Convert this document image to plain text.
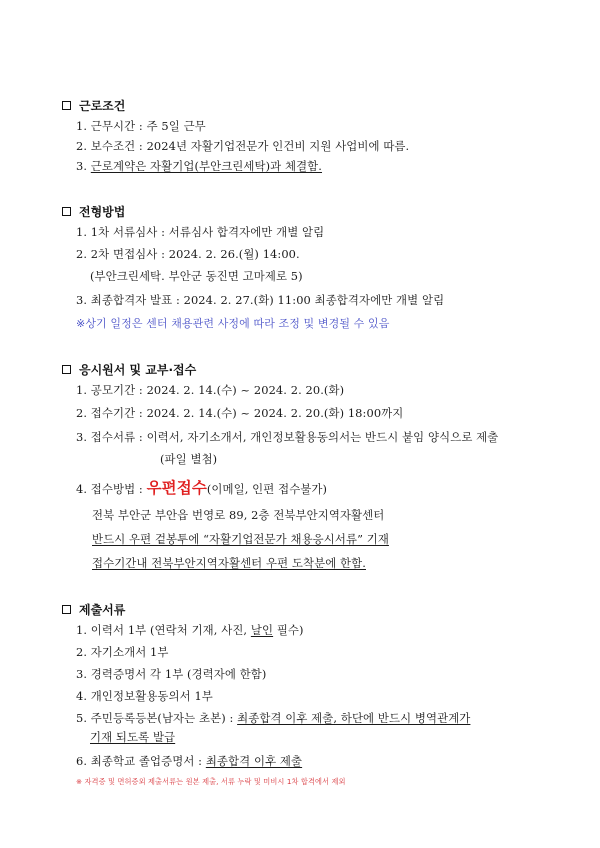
근로조건
1. 근무시간 : 주 5일 근무
2. 보수조건 : 2024년 자활기업전문가 인건비 지원 사업비에 따름.
3. 근로계약은 자활기업(부안크린세탁)과 체결함.
전형방법
1. 1차 서류심사 : 서류심사 합격자에만 개별 알림
2. 2차 면접심사 : 2024. 2. 26.(월) 14:00.
(부안크린세탁. 부안군 동진면 고마제로 5)
3. 최종합격자 발표 : 2024. 2. 27.(화) 11:00 최종합격자에만 개별 알림
※상기 일정은 센터 채용관련 사정에 따라 조정 및 변경될 수 있음
응시원서 및 교부·접수
1. 공모기간 : 2024. 2. 14.(수) ~ 2024. 2. 20.(화)
2. 접수기간 : 2024. 2. 14.(수) ~ 2024. 2. 20.(화) 18:00까지
3. 접수서류 : 이력서, 자기소개서, 개인정보활용동의서는 반드시 붙임 양식으로 제출
(파일 별첨)
4. 접수방법 : 우편접수(이메일, 인편 접수불가)
전북 부안군 부안읍 번영로 89, 2층 전북부안지역자활센터
반드시 우편 겉봉투에 “자활기업전문가 채용응시서류” 기재
접수기간내 전북부안지역자활센터 우편 도착분에 한함.
제출서류
1. 이력서 1부 (연락처 기재, 사진, 날인 필수)
2. 자기소개서 1부
3. 경력증명서 각 1부 (경력자에 한함)
4. 개인정보활용동의서 1부
5. 주민등록등본(남자는 초본) : 최종합격 이후 제출, 하단에 반드시 병역관계가
기재 되도록 발급
6. 최종학교 졸업증명서 : 최종합격 이후 제출
※ 자격증 및 면허증외 제출서류는 원본 제출, 서류 누락 및 미비시 1차 합격에서 제외
